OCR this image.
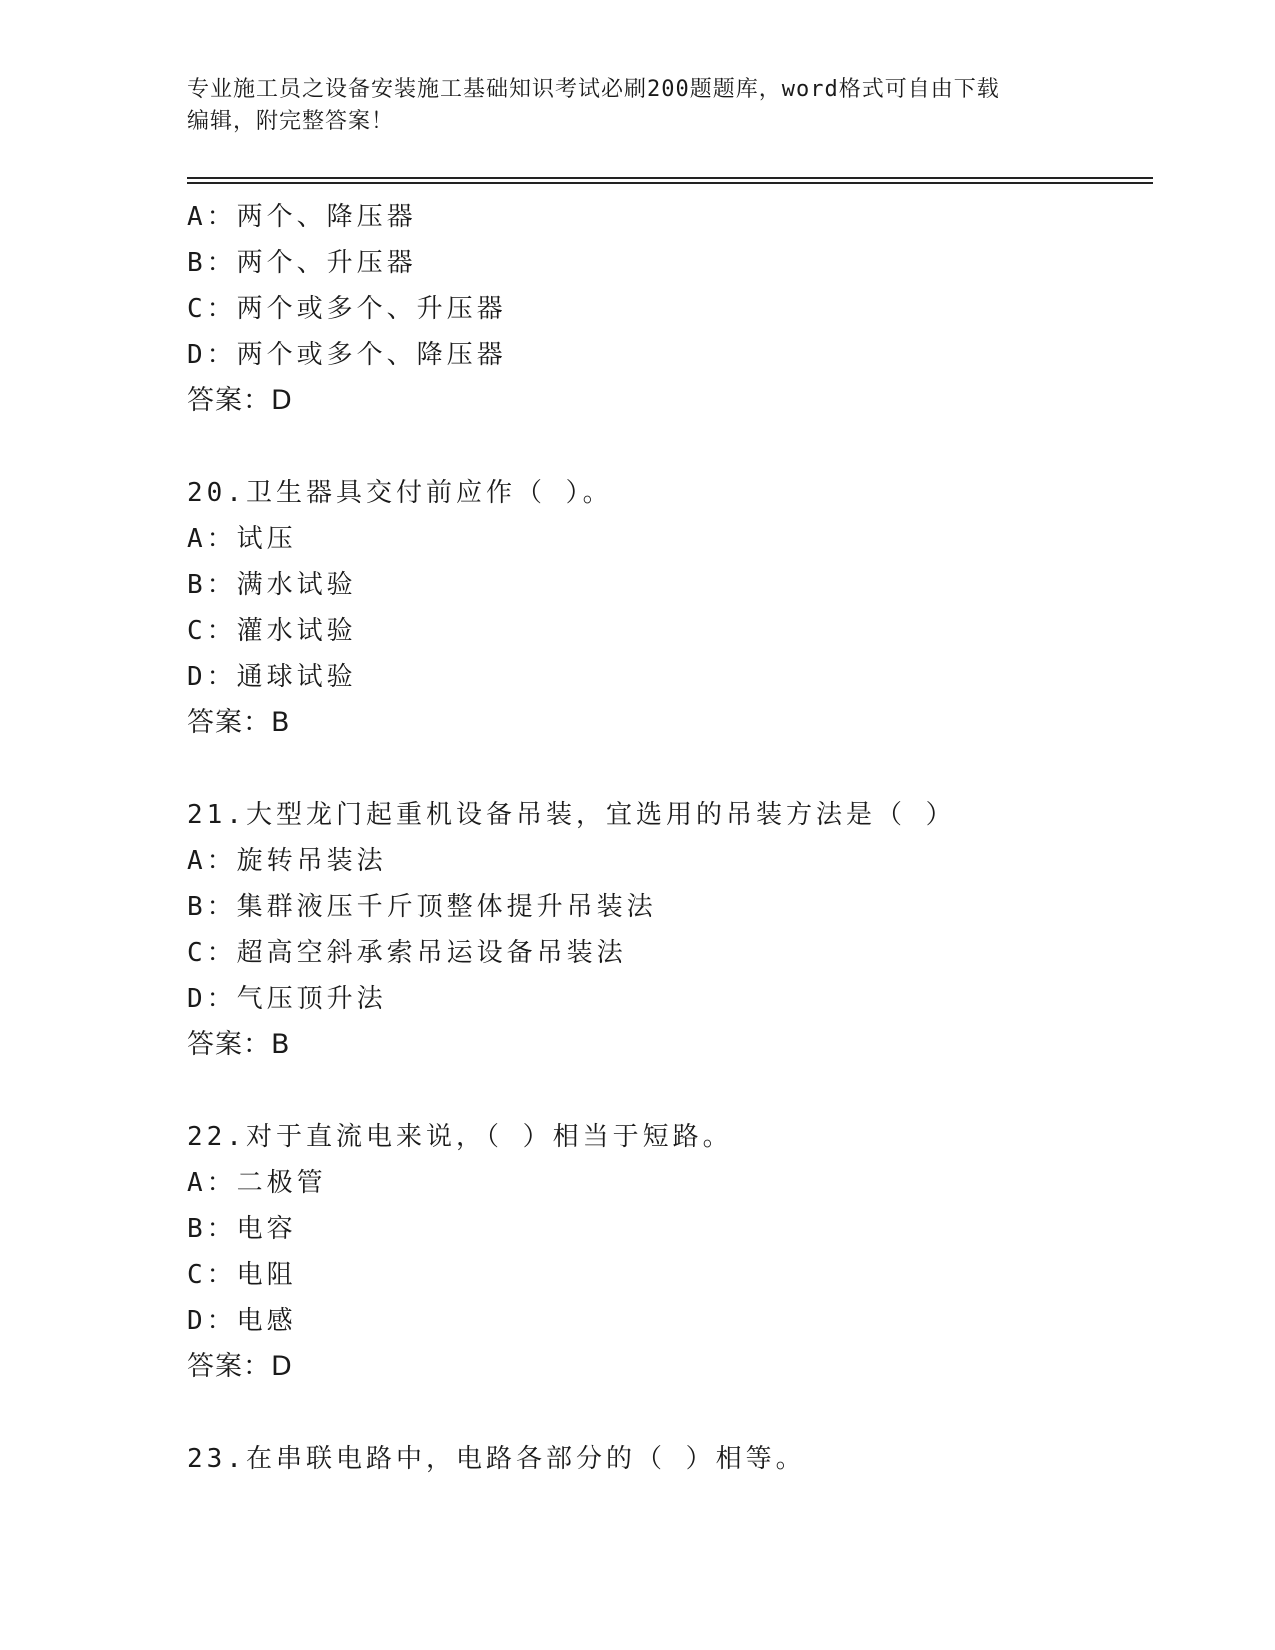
专业施工员之设备安装施工基础知识考试必刷200题题库，word格式可自由下载
编辑，附完整答案！
A：两个、降压器
B：两个、升压器
C：两个或多个、升压器
D：两个或多个、降压器
答案：D
20.卫生器具交付前应作（ ）。
A：试压
B：满水试验
C：灌水试验
D：通球试验
答案：B
21.大型龙门起重机设备吊装，宜选用的吊装方法是（ ）
A：旋转吊装法
B：集群液压千斤顶整体提升吊装法
C：超高空斜承索吊运设备吊装法
D：气压顶升法
答案：B
22.对于直流电来说，（ ）相当于短路。
A：二极管
B：电容
C：电阻
D：电感
答案：D
23.在串联电路中，电路各部分的（ ）相等。
